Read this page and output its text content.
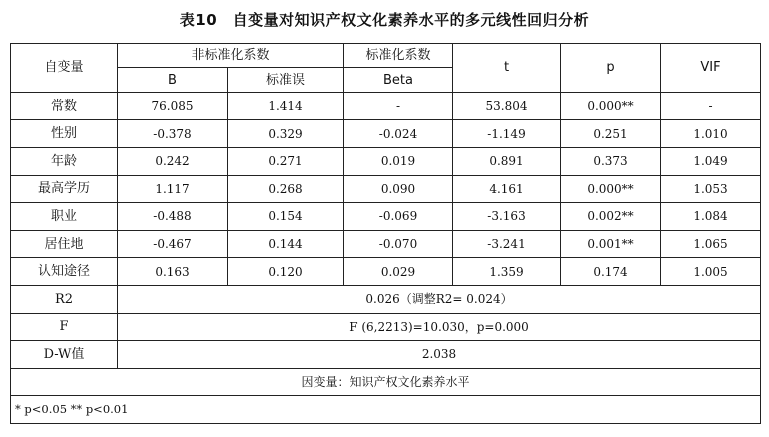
表10　自变量对知识产权文化素养水平的多元线性回归分析
自变量	非标准化系数		标准化系数	t	p	VIF
	B	标准误	Beta			
常数	76.085	1.414	-	53.804	0.000**	-
性别	-0.378	0.329	-0.024	-1.149	0.251	1.010
年龄	0.242	0.271	0.019	0.891	0.373	1.049
最高学历	1.117	0.268	0.090	4.161	0.000**	1.053
职业	-0.488	0.154	-0.069	-3.163	0.002**	1.084
居住地	-0.467	0.144	-0.070	-3.241	0.001**	1.065
认知途径	0.163	0.120	0.029	1.359	0.174	1.005
R2	0.026（调整R2= 0.024）					
F	F (6,2213)=10.030，p=0.000					
D-W值	2.038					
因变量：知识产权文化素养水平						
* p<0.05 ** p<0.01						
